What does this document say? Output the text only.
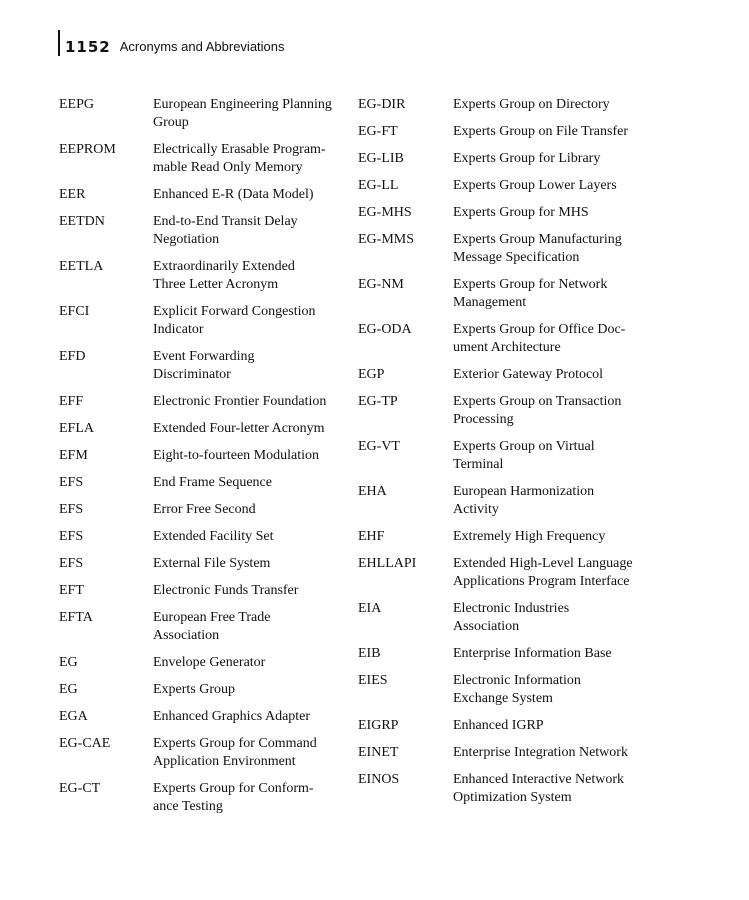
1152 Acronyms and Abbreviations
EEPG	European Engineering Planning
Group
EEPROM	Electrically Erasable Program-
mable Read Only Memory
EER	Enhanced E-R (Data Model)
EETDN	End-to-End Transit Delay
Negotiation
EETLA	Extraordinarily Extended
Three Letter Acronym
EFCI	Explicit Forward Congestion
Indicator
EFD	Event Forwarding
Discriminator
EFF	Electronic Frontier Foundation
EFLA	Extended Four-letter Acronym
EFM	Eight-to-fourteen Modulation
EFS	End Frame Sequence
EFS	Error Free Second
EFS	Extended Facility Set
EFS	External File System
EFT	Electronic Funds Transfer
EFTA	European Free Trade
Association
EG	Envelope Generator
EG	Experts Group
EGA	Enhanced Graphics Adapter
EG-CAE	Experts Group for Command
Application Environment
EG-CT	Experts Group for Conform-
ance Testing
EG-DIR	Experts Group on Directory
EG-FT	Experts Group on File Transfer
EG-LIB	Experts Group for Library
EG-LL	Experts Group Lower Layers
EG-MHS	Experts Group for MHS
EG-MMS	Experts Group Manufacturing
Message Specification
EG-NM	Experts Group for Network
Management
EG-ODA	Experts Group for Office Doc-
ument Architecture
EGP	Exterior Gateway Protocol
EG-TP	Experts Group on Transaction
Processing
EG-VT	Experts Group on Virtual
Terminal
EHA	European Harmonization
Activity
EHF	Extremely High Frequency
EHLLAPI	Extended High-Level Language
Applications Program Interface
EIA	Electronic Industries
Association
EIB	Enterprise Information Base
EIES	Electronic Information
Exchange System
EIGRP	Enhanced IGRP
EINET	Enterprise Integration Network
EINOS	Enhanced Interactive Network
Optimization System
